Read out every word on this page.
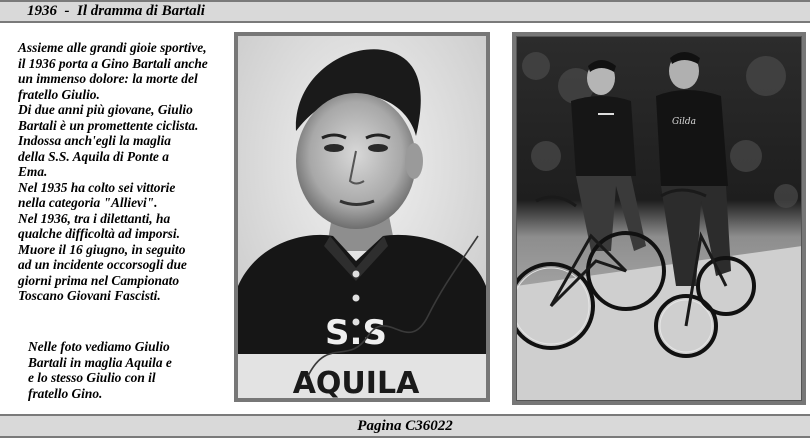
1936  -  Il dramma di Bartali

Assieme alle grandi gioie sportive,

il 1936 porta a Gino Bartali anche

un immenso dolore: la morte del

fratello Giulio.

Di due anni più giovane, Giulio

Bartali è un promettente ciclista.

Indossa anch'egli la maglia

della S.S. Aquila di Ponte a

Ema.

Nel 1935 ha colto sei vittorie

nella categoria "Allievi".

Nel 1936, tra i dilettanti, ha

qualche difficoltà ad imporsi.

Muore il 16 giugno, in seguito

ad un incidente occorsogli due

giorni prima nel Campionato

Toscano Giovani Fascisti.

Nelle foto vediamo Giulio

Bartali in maglia Aquila e

e lo stesso Giulio con il

fratello Gino.

S.S
AQUILA
Gilda
Pagina C36022
